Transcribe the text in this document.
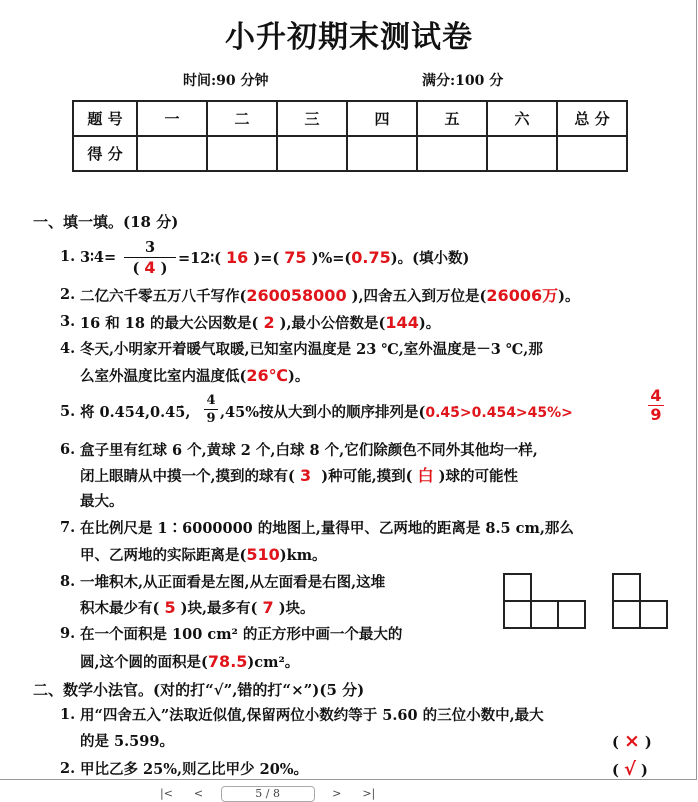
小升初期末测试卷
时间:90 分钟	满分:100 分
题 号	一	二	三	四	五	六	总 分
得 分							
一、填一填。(18 分)
1. 3∶4= $\frac{3}{( 4 )}$ =12∶( 16 )=( 75 )%=(0.75)。(填小数)
2. 二亿六千零五万八千写作(260058000 ),四舍五入到万位是(26006万)。
3. 16 和 18 的最大公因数是( 2 ),最小公倍数是(144)。
4. 冬天,小明家开着暖气取暖,已知室内温度是 23 ℃,室外温度是－3 ℃,那
么室外温度比室内温度低(26℃)。
5. 将 0.454,0.45̇, $\frac{4}{9} ,45\%$按从大到小的顺序排列是(0.45̇>0.454>45%>	$\frac{4}{9}$
6. 盒子里有红球 6 个,黄球 2 个,白球 8 个,它们除颜色不同外其他均一样,
闭上眼睛从中摸一个,摸到的球有( 3 )种可能,摸到( 白 )球的可能性
最大。
7. 在比例尺是 1∶6000000 的地图上,量得甲、乙两地的距离是 8.5 cm,那么
甲、乙两地的实际距离是(510)km。
8. 一堆积木,从正面看是左图,从左面看是右图,这堆
积木最少有( 5 )块,最多有( 7 )块。
9. 在一个面积是 100 cm² 的正方形中画一个最大的
圆,这个圆的面积是(78.5)cm²。
二、数学小法官。(对的打“√”,错的打“×”)(5 分)
1. 用“四舍五入”法取近似值,保留两位小数约等于 5.60 的三位小数中,最大
的是 5.599。	( × )
2. 甲比乙多 25%,则乙比甲少 20%。	( √ )
|< <	5 / 8	> >|
